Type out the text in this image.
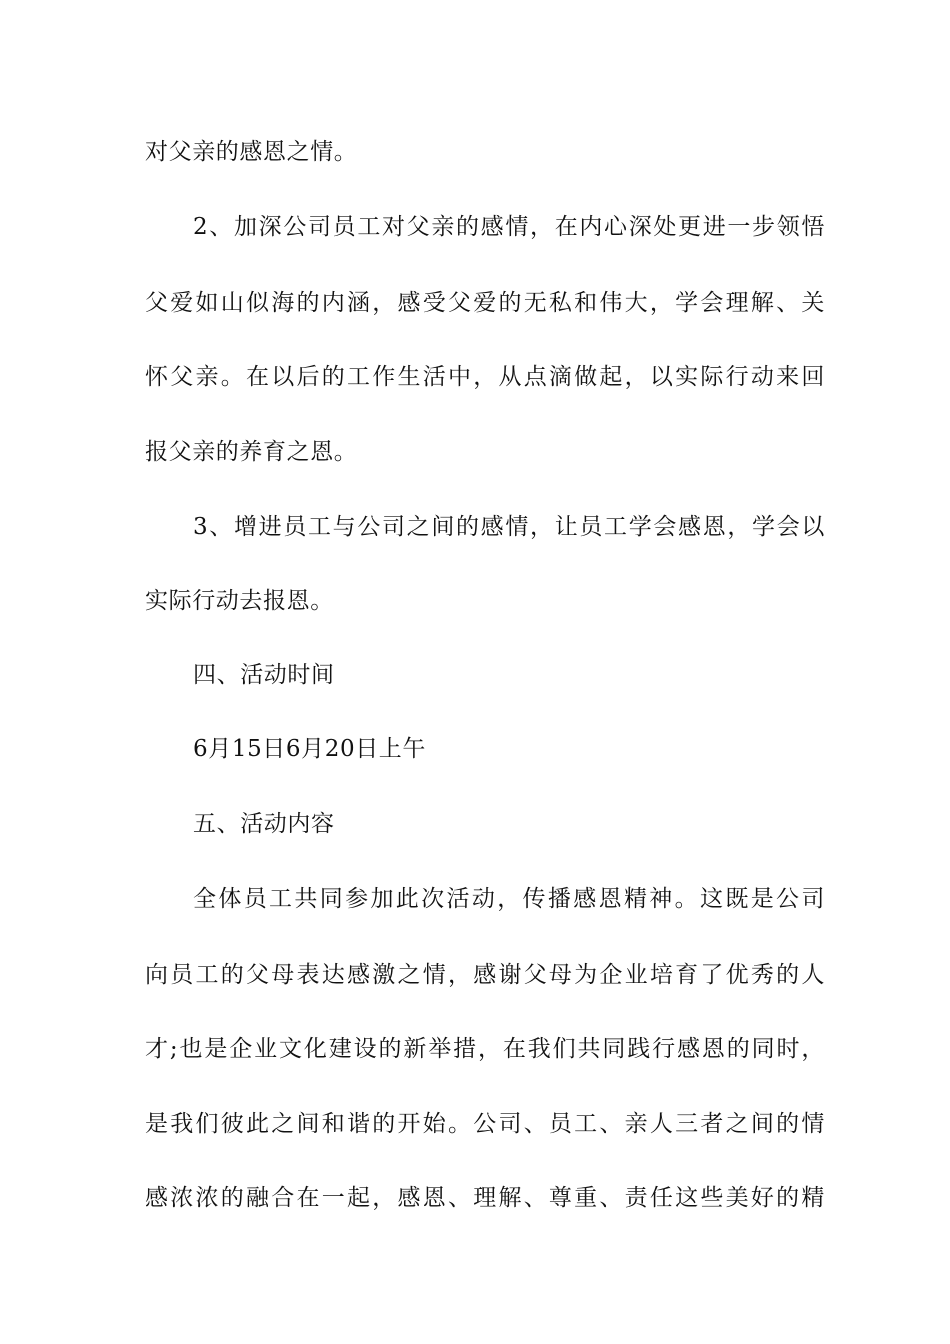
对父亲的感恩之情。
2、加深公司员工对父亲的感情，在内心深处更进一步领悟
父爱如山似海的内涵，感受父爱的无私和伟大，学会理解、关
怀父亲。在以后的工作生活中，从点滴做起，以实际行动来回
报父亲的养育之恩。
3、增进员工与公司之间的感情，让员工学会感恩，学会以
实际行动去报恩。
四、活动时间
6月15日6月20日上午
五、活动内容
全体员工共同参加此次活动，传播感恩精神。这既是公司
向员工的父母表达感激之情，感谢父母为企业培育了优秀的人
才;也是企业文化建设的新举措，在我们共同践行感恩的同时，
是我们彼此之间和谐的开始。公司、员工、亲人三者之间的情
感浓浓的融合在一起，感恩、理解、尊重、责任这些美好的精
